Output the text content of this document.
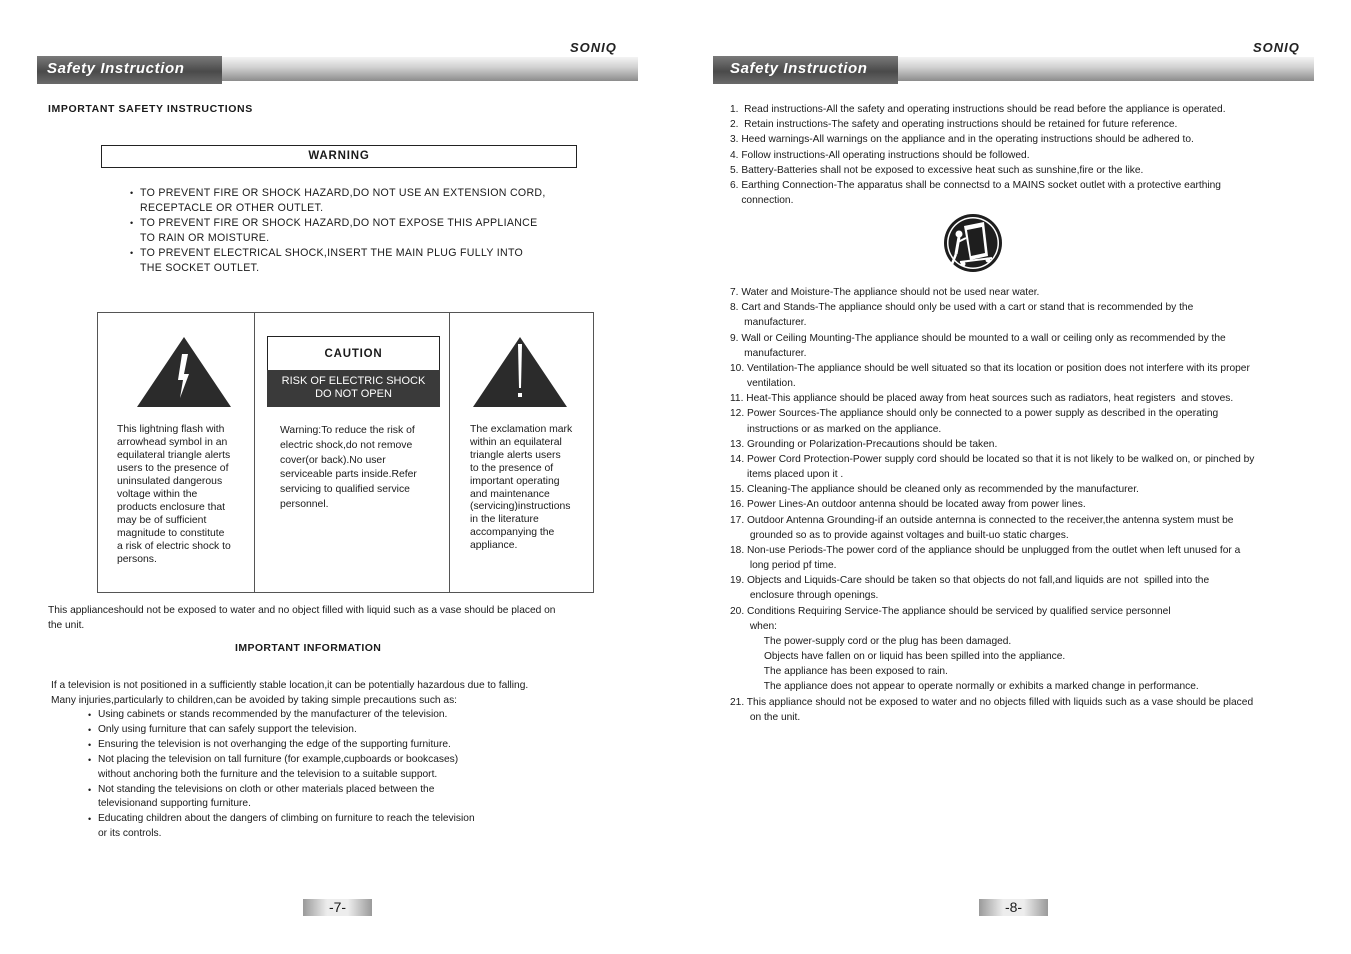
SONIQ
Safety Instruction
IMPORTANT SAFETY INSTRUCTIONS
WARNING
• TO PREVENT FIRE OR SHOCK HAZARD,DO NOT USE AN EXTENSION CORD,
RECEPTACLE OR OTHER OUTLET.
• TO PREVENT FIRE OR SHOCK HAZARD,DO NOT EXPOSE THIS APPLIANCE
TO RAIN OR MOISTURE.
• TO PREVENT ELECTRICAL SHOCK,INSERT THE MAIN PLUG FULLY INTO
THE SOCKET OUTLET.
CAUTION
RISK OF ELECTRIC SHOCK
DO NOT OPEN
This lightning flash with
arrowhead symbol in an
equilateral triangle alerts
users to the presence of
uninsulated dangerous
voltage within the
products enclosure that
may be of sufficient
magnitude to constitute
a risk of electric shock to
persons.
Warning:To reduce the risk of
electric shock,do not remove
cover(or back).No user
serviceable parts inside.Refer
servicing to qualified service
personnel.
The exclamation mark
within an equilateral
triangle alerts users
to the presence of
important operating
and maintenance
(servicing)instructions
in the literature
accompanying the
appliance.
This applianceshould not be exposed to water and no object filled with liquid such as a vase should be placed on
the unit.
IMPORTANT INFORMATION
If a television is not positioned in a sufficiently stable location,it can be potentially hazardous due to falling.
Many injuries,particularly to children,can be avoided by taking simple precautions such as:
• Using cabinets or stands recommended by the manufacturer of the television.
• Only using furniture that can safely support the television.
• Ensuring the television is not overhanging the edge of the supporting furniture.
• Not placing the television on tall furniture (for example,cupboards or bookcases)
without anchoring both the furniture and the television to a suitable support.
• Not standing the televisions on cloth or other materials placed between the
televisionand supporting furniture.
• Educating children about the dangers of climbing on furniture to reach the television
or its controls.
-7-
SONIQ
Safety Instruction
1.  Read instructions-All the safety and operating instructions should be read before the appliance is operated.
2.  Retain instructions-The safety and operating instructions should be retained for future reference.
3. Heed warnings-All warnings on the appliance and in the operating instructions should be adhered to.
4. Follow instructions-All operating instructions should be followed.
5. Battery-Batteries shall not be exposed to excessive heat such as sunshine,fire or the like.
6. Earthing Connection-The apparatus shall be connectsd to a MAINS socket outlet with a protective earthing
connection.
7. Water and Moisture-The appliance should not be used near water.
8. Cart and Stands-The appliance should only be used with a cart or stand that is recommended by the
manufacturer.
9. Wall or Ceiling Mounting-The appliance should be mounted to a wall or ceiling only as recommended by the
manufacturer.
10. Ventilation-The appliance should be well situated so that its location or position does not interfere with its proper
ventilation.
11. Heat-This appliance should be placed away from heat sources such as radiators, heat registers  and stoves.
12. Power Sources-The appliance should only be connected to a power supply as described in the operating
instructions or as marked on the appliance.
13. Grounding or Polarization-Precautions should be taken.
14. Power Cord Protection-Power supply cord should be located so that it is not likely to be walked on, or pinched by
items placed upon it .
15. Cleaning-The appliance should be cleaned only as recommended by the manufacturer.
16. Power Lines-An outdoor antenna should be located away from power lines.
17. Outdoor Antenna Grounding-if an outside anternna is connected to the receiver,the antenna system must be
grounded so as to provide against voltages and built-uo static charges.
18. Non-use Periods-The power cord of the appliance should be unplugged from the outlet when left unused for a
long period pf time.
19. Objects and Liquids-Care should be taken so that objects do not fall,and liquids are not  spilled into the
enclosure through openings.
20. Conditions Requiring Service-The appliance should be serviced by qualified service personnel
when:
The power-supply cord or the plug has been damaged.
Objects have fallen on or liquid has been spilled into the appliance.
The appliance has been exposed to rain.
The appliance does not appear to operate normally or exhibits a marked change in performance.
21. This appliance should not be exposed to water and no objects filled with liquids such as a vase should be placed
on the unit.
-8-
